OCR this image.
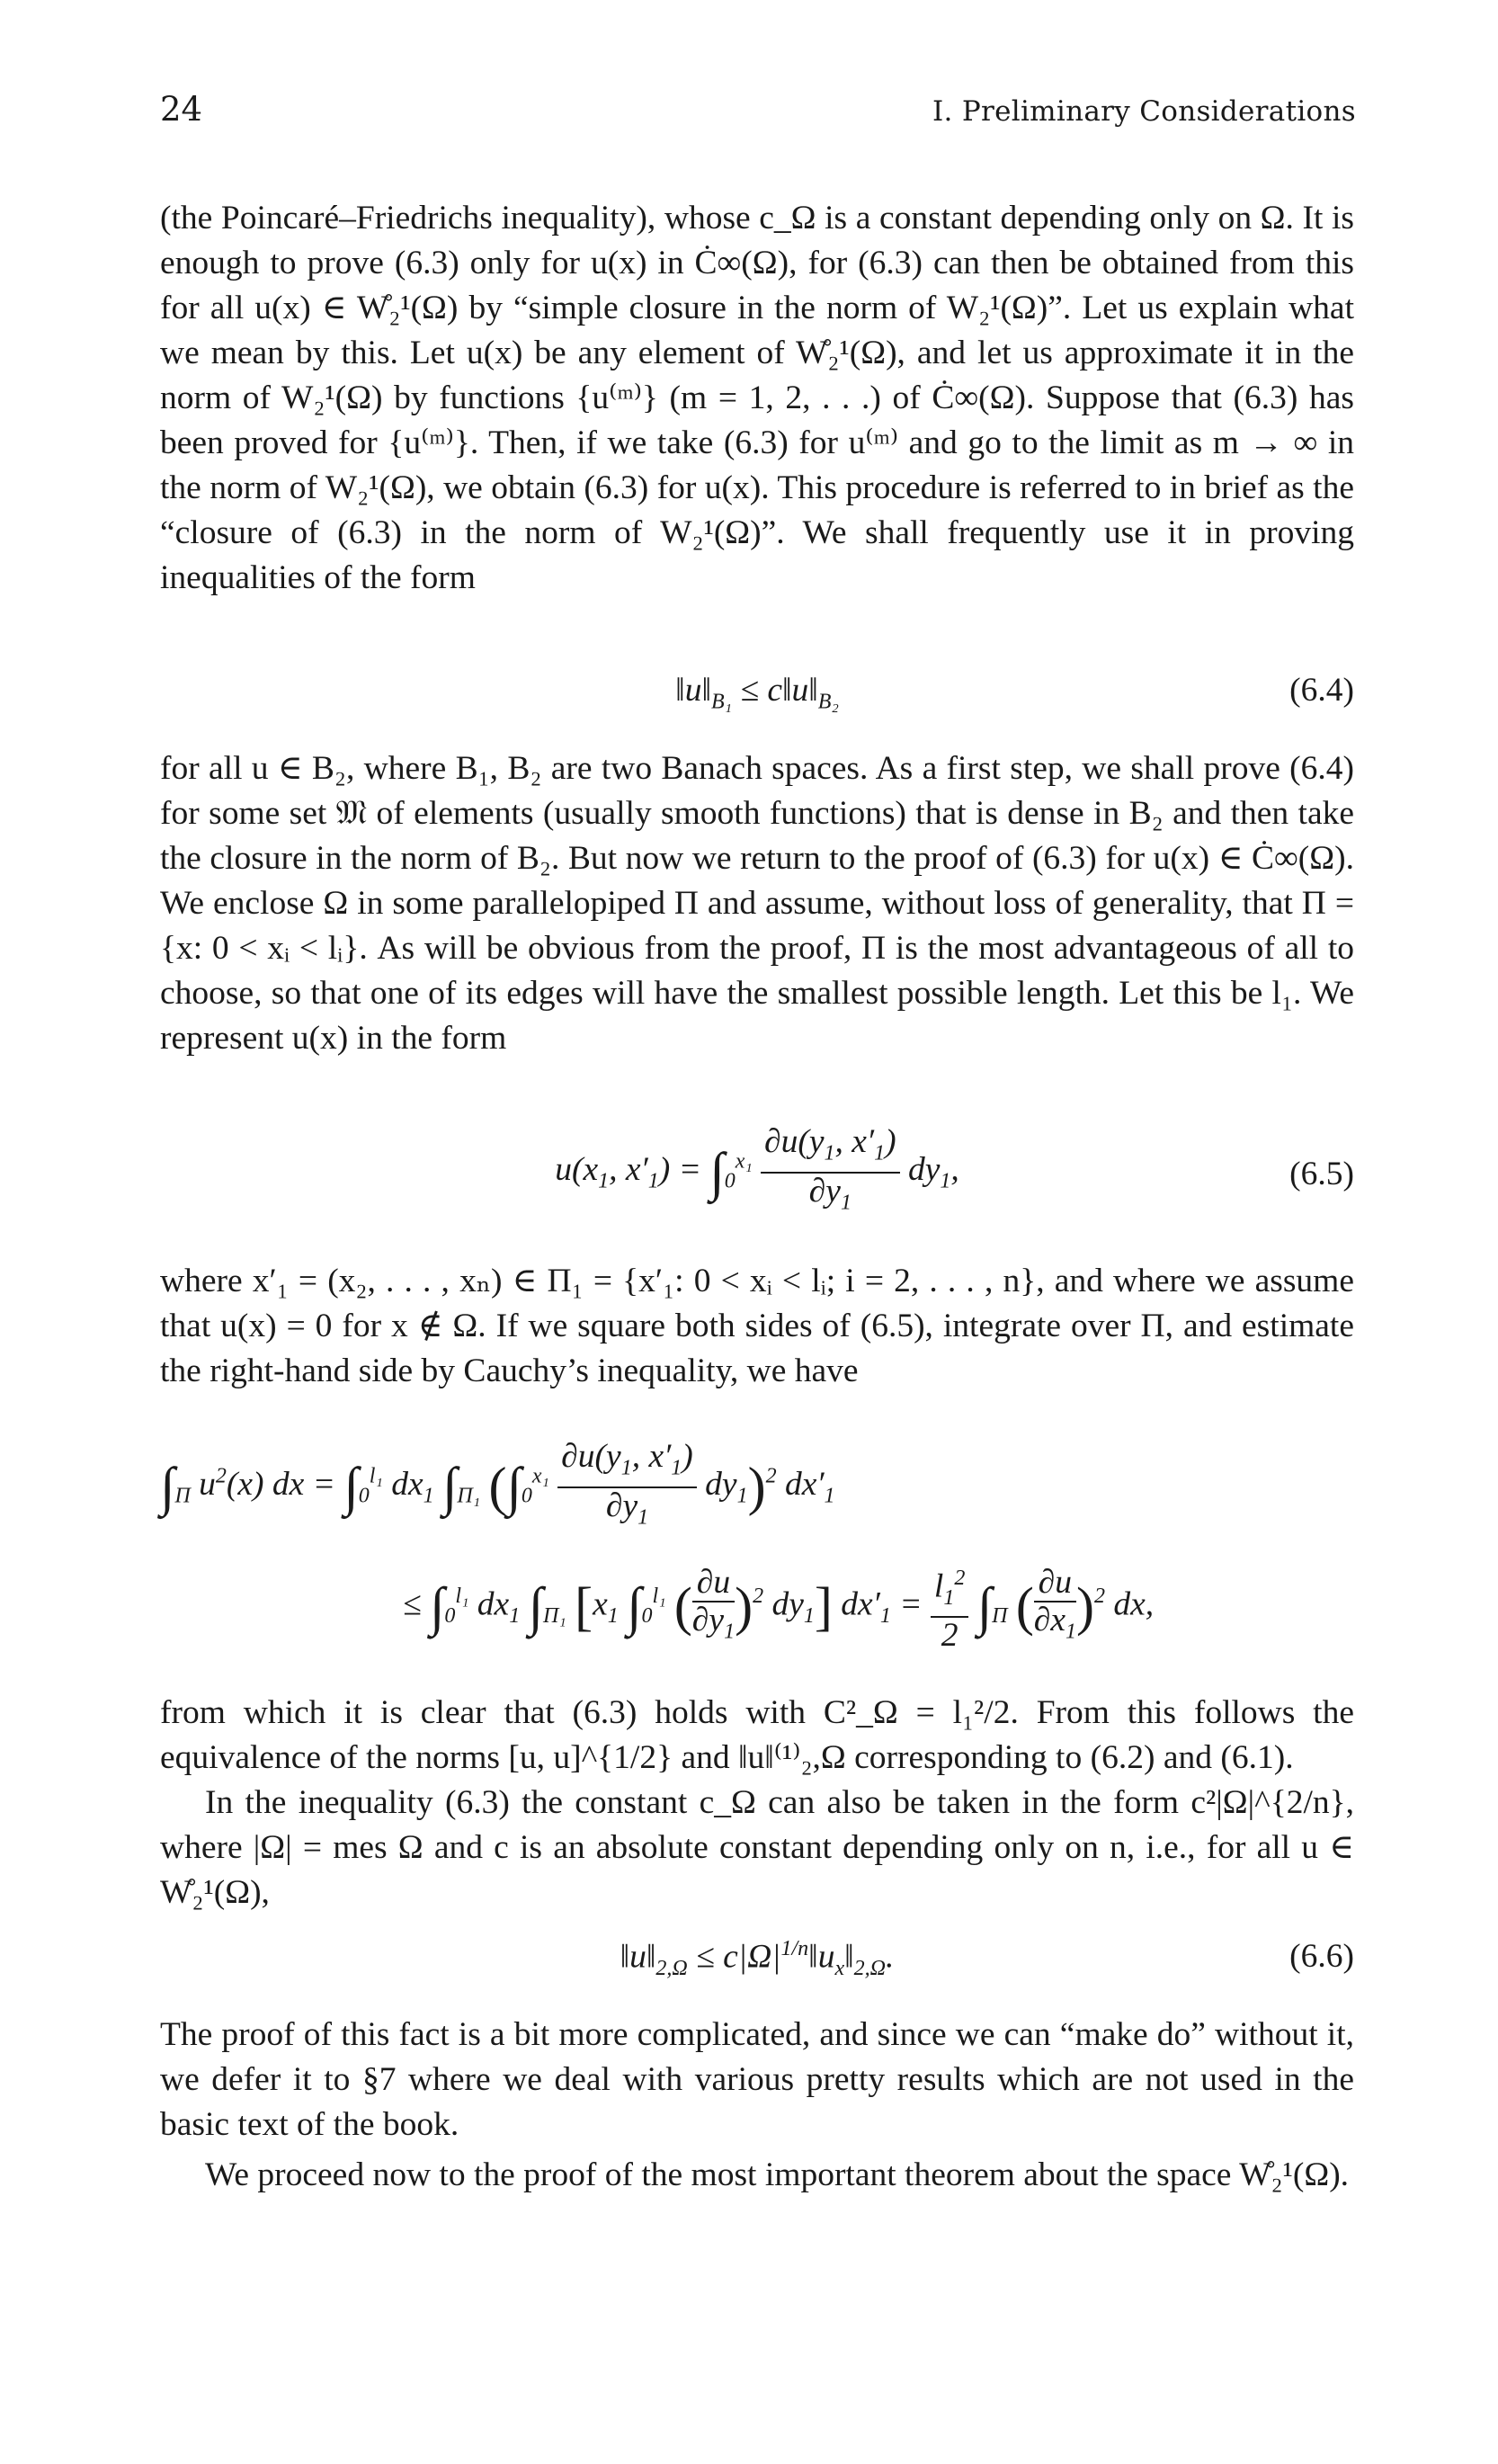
24	I. Preliminary Considerations

(the Poincaré–Friedrichs inequality), whose c_Ω is a constant depending only on Ω. It is enough to prove (6.3) only for u(x) in Ċ∞(Ω), for (6.3) can then be obtained from this for all u(x) ∈ W̊₂¹(Ω) by “simple closure in the norm of W₂¹(Ω)”. Let us explain what we mean by this. Let u(x) be any element of W̊₂¹(Ω), and let us approximate it in the norm of W₂¹(Ω) by functions {u⁽ᵐ⁾} (m = 1, 2, . . .) of Ċ∞(Ω). Suppose that (6.3) has been proved for {u⁽ᵐ⁾}. Then, if we take (6.3) for u⁽ᵐ⁾ and go to the limit as m → ∞ in the norm of W₂¹(Ω), we obtain (6.3) for u(x). This procedure is referred to in brief as the “closure of (6.3) in the norm of W₂¹(Ω)”. We shall frequently use it in proving inequalities of the form

$‖u‖_{B_1}$ ≤ $c‖u‖_{B_2}$	(6.4)

for all u ∈ B₂, where B₁, B₂ are two Banach spaces. As a first step, we shall prove (6.4) for some set 𝔐 of elements (usually smooth functions) that is dense in B₂ and then take the closure in the norm of B₂. But now we return to the proof of (6.3) for u(x) ∈ Ċ∞(Ω). We enclose Ω in some parallelopiped Π and assume, without loss of generality, that Π = {x: 0 < xᵢ < lᵢ}. As will be obvious from the proof, Π is the most advantageous of all to choose, so that one of its edges will have the smallest possible length. Let this be l₁. We represent u(x) in the form

$u(x_1$, $x'_1) = \int_0^{x_1} \frac{\partial u(y_1, x'_1)}{\partial y_1} dy_1$,	(6.5)

where x′₁ = (x₂, . . . , xₙ) ∈ Π₁ = {x′₁: 0 < xᵢ < lᵢ; i = 2, . . . , n}, and where we assume that u(x) = 0 for x ∉ Ω. If we square both sides of (6.5), integrate over Π, and estimate the right-hand side by Cauchy’s inequality, we have

$\int_\Pi$ $u^2(x)$ dx = $\int_0^{l_1}$ $dx_1$ $\int_{\Pi_1}$ $(\int_0^{x_1} \frac{\partial u(y_1, x'_1)}{\partial y_1} dy_1)^2$ $dx'_1$
≤ $\int_0^{l_1}$ $dx_1$ $\int_{\Pi_1}$ [$x_1$ $\int_0^{l_1}$ ( $\frac{\partial u}{\partial y_1} )^2$ $dy_1$] $dx'_1 = \frac{l_1^2}{2} \int_\Pi$ ( $\frac{\partial u}{\partial x_1} )^2$ dx,

from which it is clear that (6.3) holds with C²_Ω = l₁²/2. From this follows the equivalence of the norms [u, u]^{1/2} and ‖u‖⁽¹⁾₂,Ω corresponding to (6.2) and (6.1).

In the inequality (6.3) the constant c_Ω can also be taken in the form c²|Ω|^{2/n}, where |Ω| = mes Ω and c is an absolute constant depending only on n, i.e., for all u ∈ W̊₂¹(Ω),

$‖u‖_{2,\Omega}$ ≤ $c|\Omega|^{1/n}‖u_x‖_{2,\Omega}$.	(6.6)

The proof of this fact is a bit more complicated, and since we can “make do” without it, we defer it to §7 where we deal with various pretty results which are not used in the basic text of the book.

We proceed now to the proof of the most important theorem about the space W̊₂¹(Ω).
